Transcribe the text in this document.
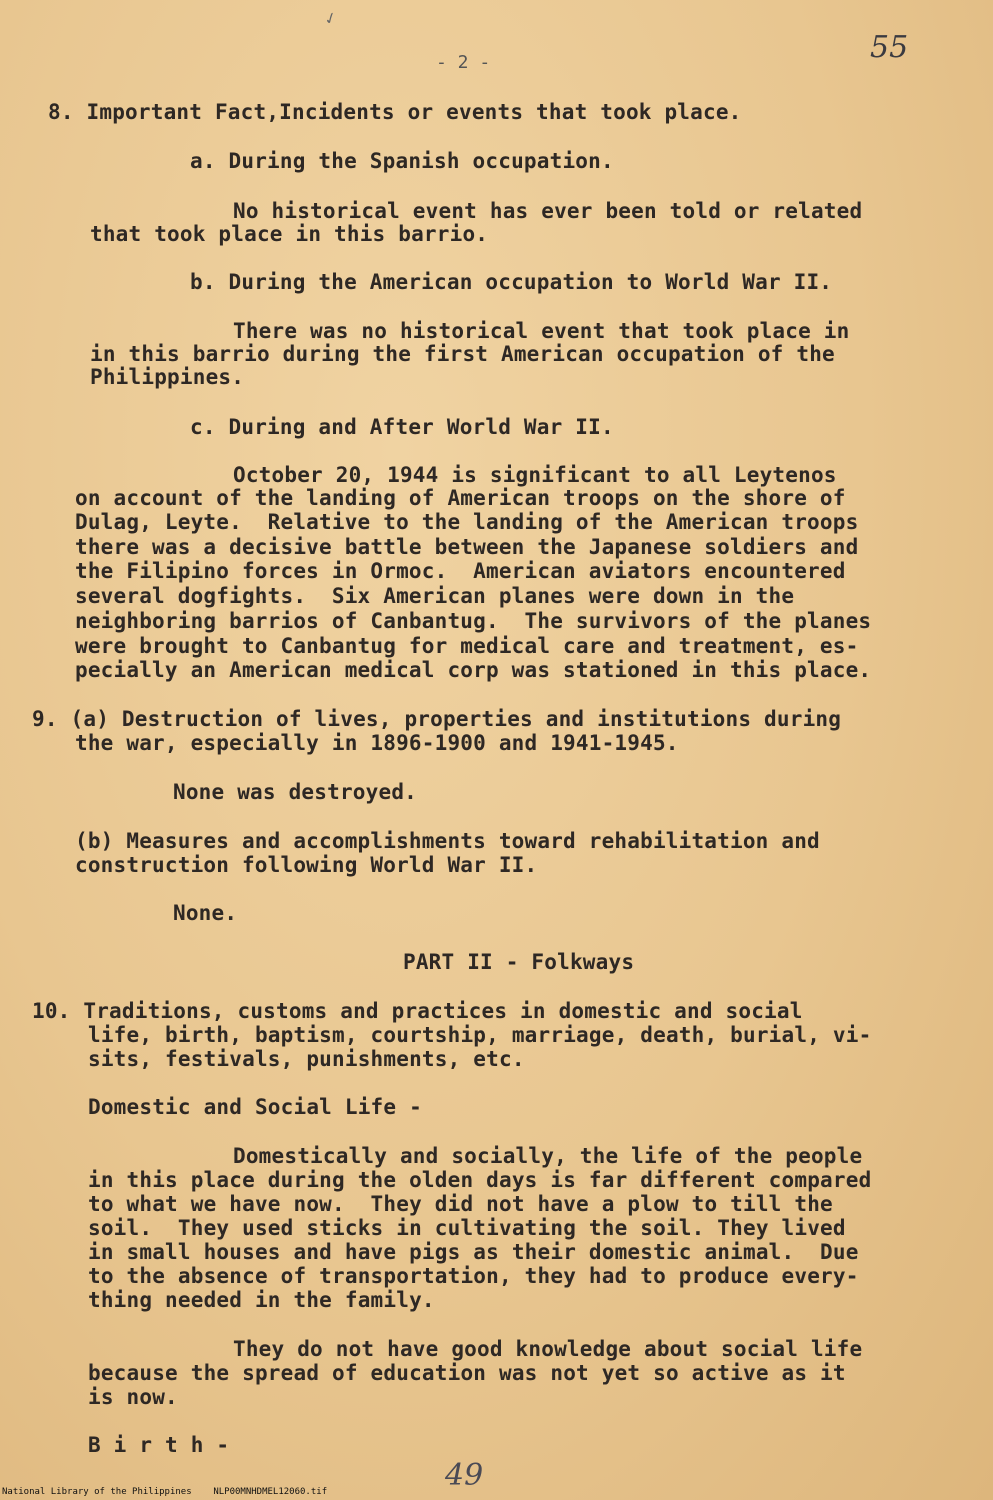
✓
- 2 -	55
8. Important Fact,Incidents or events that took place.
a. During the Spanish occupation.
No historical event has ever been told or related
that took place in this barrio.
b. During the American occupation to World War II.
There was no historical event that took place in
in this barrio during the first American occupation of the
Philippines.
c. During and After World War II.
October 20, 1944 is significant to all Leytenos
on account of the landing of American troops on the shore of
Dulag, Leyte.  Relative to the landing of the American troops
there was a decisive battle between the Japanese soldiers and
the Filipino forces in Ormoc.  American aviators encountered
several dogfights.  Six American planes were down in the
neighboring barrios of Canbantug.  The survivors of the planes
were brought to Canbantug for medical care and treatment, es-
pecially an American medical corp was stationed in this place.
9. (a) Destruction of lives, properties and institutions during
the war, especially in 1896-1900 and 1941-1945.
None was destroyed.
(b) Measures and accomplishments toward rehabilitation and
construction following World War II.
None.
PART II - Folkways
10. Traditions, customs and practices in domestic and social
life, birth, baptism, courtship, marriage, death, burial, vi-
sits, festivals, punishments, etc.
Domestic and Social Life -
Domestically and socially, the life of the people
in this place during the olden days is far different compared
to what we have now.  They did not have a plow to till the
soil.  They used sticks in cultivating the soil. They lived
in small houses and have pigs as their domestic animal.  Due
to the absence of transportation, they had to produce every-
thing needed in the family.
They do not have good knowledge about social life
because the spread of education was not yet so active as it
is now.
B i r t h -
49
National Library of the Philippines    NLP00MNHDMEL12060.tif
